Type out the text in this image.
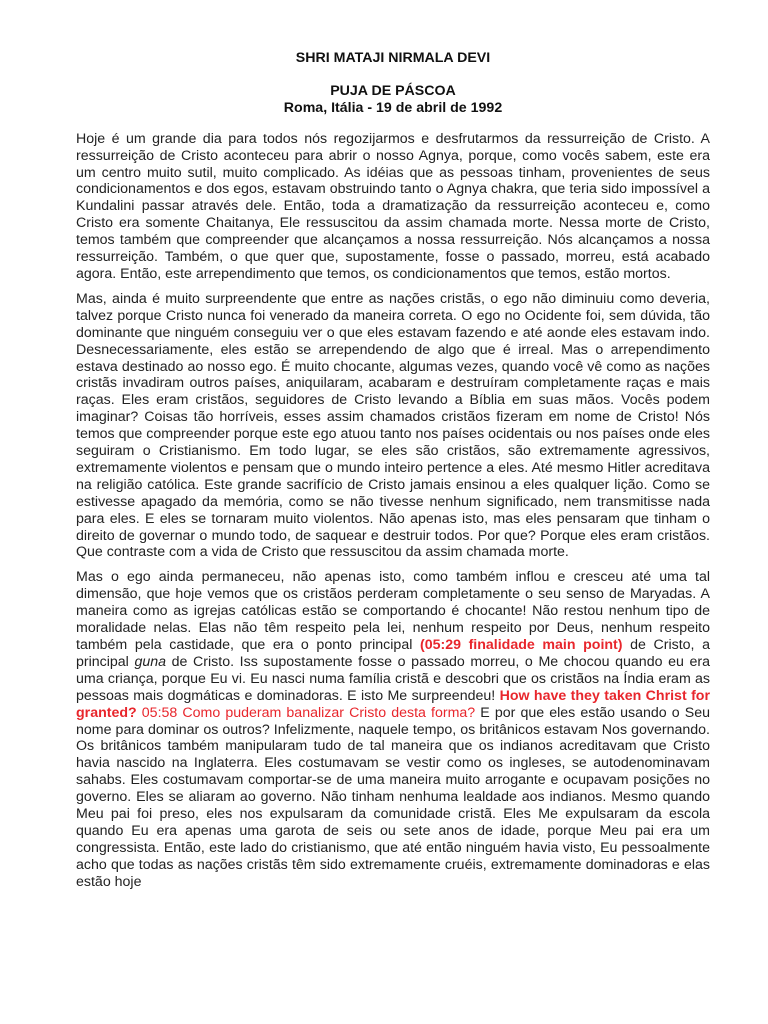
SHRI MATAJI NIRMALA DEVI

PUJA DE PÁSCOA

Roma, Itália - 19 de abril de 1992

Hoje é um grande dia para todos nós regozijarmos e desfrutarmos da ressurreição de Cristo. A ressurreição de Cristo aconteceu para abrir o nosso Agnya, porque, como vocês sabem, este era um centro muito sutil, muito complicado. As idéias que as pessoas tinham, provenientes de seus condicionamentos e dos egos, estavam obstruindo tanto o Agnya chakra, que teria sido impossível a Kundalini passar através dele. Então, toda a dramatização da ressurreição aconteceu e, como Cristo era somente Chaitanya, Ele ressuscitou da assim chamada morte. Nessa morte de Cristo, temos também que compreender que alcançamos a nossa ressurreição. Nós alcançamos a nossa ressurreição. Também, o que quer que, supostamente, fosse o passado, morreu, está acabado agora. Então, este arrependimento que temos, os condicionamentos que temos, estão mortos.

Mas, ainda é muito surpreendente que entre as nações cristãs, o ego não diminuiu como deveria, talvez porque Cristo nunca foi venerado da maneira correta. O ego no Ocidente foi, sem dúvida, tão dominante que ninguém conseguiu ver o que eles estavam fazendo e até aonde eles estavam indo. Desnecessariamente, eles estão se arrependendo de algo que é irreal. Mas o arrependimento estava destinado ao nosso ego. É muito chocante, algumas vezes, quando você vê como as nações cristãs invadiram outros países, aniquilaram, acabaram e destruíram completamente raças e mais raças. Eles eram cristãos, seguidores de Cristo levando a Bíblia em suas mãos. Vocês podem imaginar? Coisas tão horríveis, esses assim chamados cristãos fizeram em nome de Cristo! Nós temos que compreender porque este ego atuou tanto nos países ocidentais ou nos países onde eles seguiram o Cristianismo. Em todo lugar, se eles são cristãos, são extremamente agressivos, extremamente violentos e pensam que o mundo inteiro pertence a eles. Até mesmo Hitler acreditava na religião católica. Este grande sacrifício de Cristo jamais ensinou a eles qualquer lição. Como se estivesse apagado da memória, como se não tivesse nenhum significado, nem transmitisse nada para eles. E eles se tornaram muito violentos. Não apenas isto, mas eles pensaram que tinham o direito de governar o mundo todo, de saquear e destruir todos. Por que? Porque eles eram cristãos. Que contraste com a vida de Cristo que ressuscitou da assim chamada morte.

Mas o ego ainda permaneceu, não apenas isto, como também inflou e cresceu até uma tal dimensão, que hoje vemos que os cristãos perderam completamente o seu senso de Maryadas. A maneira como as igrejas católicas estão se comportando é chocante! Não restou nenhum tipo de moralidade nelas. Elas não têm respeito pela lei, nenhum respeito por Deus, nenhum respeito também pela castidade, que era o ponto principal (05:29 finalidade main point) de Cristo, a principal guna de Cristo. Iss supostamente fosse o passado morreu, o Me chocou quando eu era uma criança, porque Eu vi. Eu nasci numa família cristã e descobri que os cristãos na Índia eram as pessoas mais dogmáticas e dominadoras. E isto Me surpreendeu! How have they taken Christ for granted? 05:58 Como puderam banalizar Cristo desta forma? E por que eles estão usando o Seu nome para dominar os outros? Infelizmente, naquele tempo, os britânicos estavam Nos governando. Os britânicos também manipularam tudo de tal maneira que os indianos acreditavam que Cristo havia nascido na Inglaterra. Eles costumavam se vestir como os ingleses, se autodenominavam sahabs. Eles costumavam comportar-se de uma maneira muito arrogante e ocupavam posições no governo. Eles se aliaram ao governo. Não tinham nenhuma lealdade aos indianos. Mesmo quando Meu pai foi preso, eles nos expulsaram da comunidade cristã. Eles Me expulsaram da escola quando Eu era apenas uma garota de seis ou sete anos de idade, porque Meu pai era um congressista. Então, este lado do cristianismo, que até então ninguém havia visto, Eu pessoalmente acho que todas as nações cristãs têm sido extremamente cruéis, extremamente dominadoras e elas estão hoje
